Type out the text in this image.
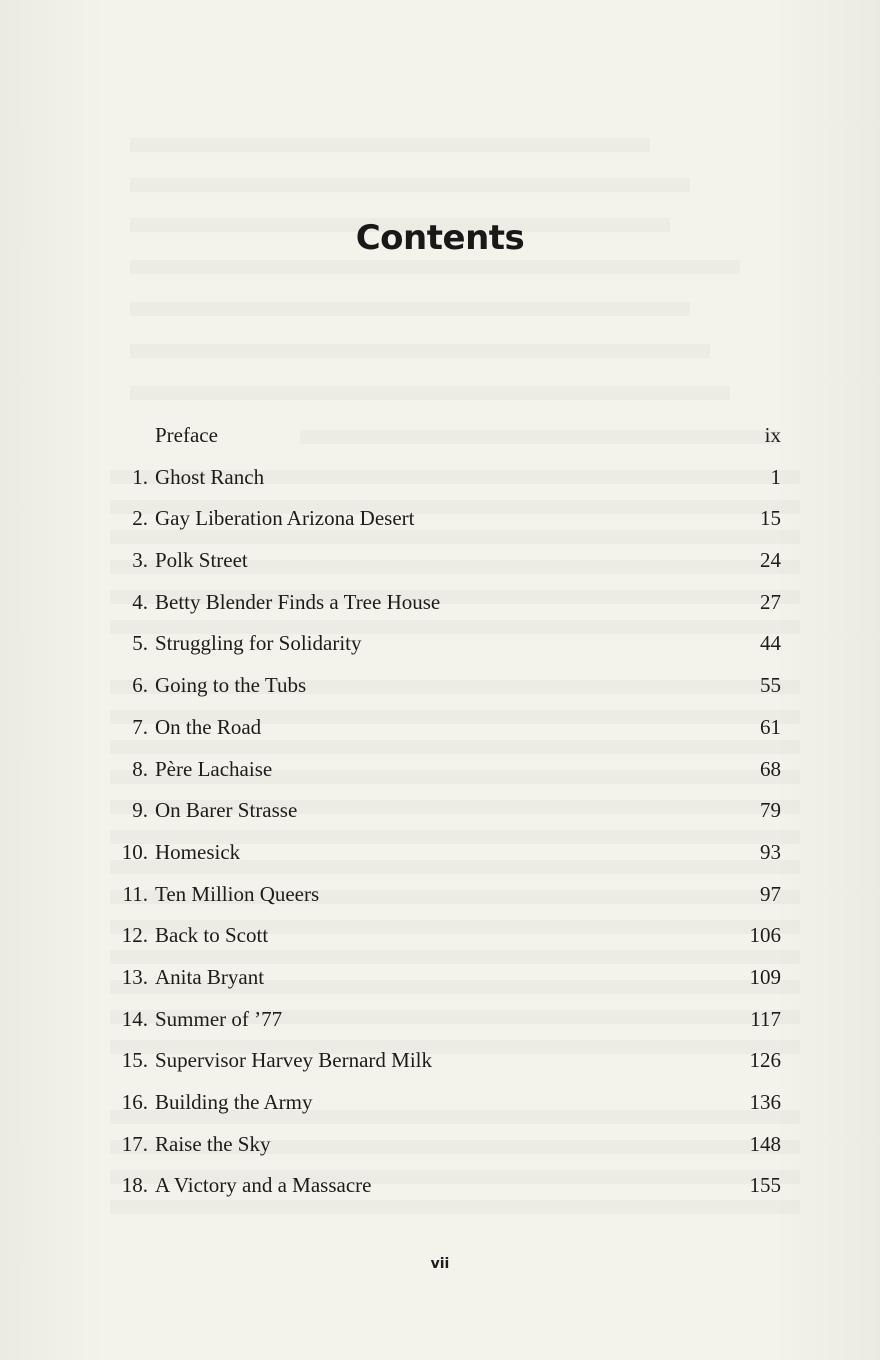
Contents
Preface	ix
1. Ghost Ranch	1
2. Gay Liberation Arizona Desert	15
3. Polk Street	24
4. Betty Blender Finds a Tree House	27
5. Struggling for Solidarity	44
6. Going to the Tubs	55
7. On the Road	61
8. Père Lachaise	68
9. On Barer Strasse	79
10. Homesick	93
11. Ten Million Queers	97
12. Back to Scott	106
13. Anita Bryant	109
14. Summer of ’77	117
15. Supervisor Harvey Bernard Milk	126
16. Building the Army	136
17. Raise the Sky	148
18. A Victory and a Massacre	155
vii
